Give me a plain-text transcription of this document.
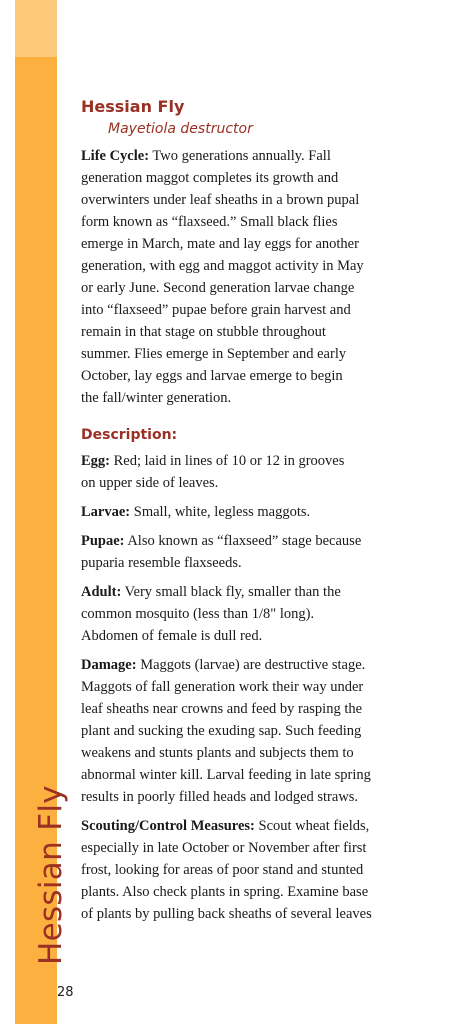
Hessian Fly
28
Hessian Fly
Mayetiola destructor

Life Cycle: Two generations annually. Fall
generation maggot completes its growth and
overwinters under leaf sheaths in a brown pupal
form known as “flaxseed.” Small black flies
emerge in March, mate and lay eggs for another
generation, with egg and maggot activity in May
or early June. Second generation larvae change
into “flaxseed” pupae before grain harvest and
remain in that stage on stubble throughout
summer. Flies emerge in September and early
October, lay eggs and larvae emerge to begin
the fall/winter generation.

Description:

Egg: Red; laid in lines of 10 or 12 in grooves
on upper side of leaves.

Larvae: Small, white, legless maggots.

Pupae: Also known as “flaxseed” stage because
puparia resemble flaxseeds.

Adult: Very small black fly, smaller than the
common mosquito (less than 1/8" long).
Abdomen of female is dull red.

Damage: Maggots (larvae) are destructive stage.
Maggots of fall generation work their way under
leaf sheaths near crowns and feed by rasping the
plant and sucking the exuding sap. Such feeding
weakens and stunts plants and subjects them to
abnormal winter kill. Larval feeding in late spring
results in poorly filled heads and lodged straws.

Scouting/Control Measures: Scout wheat fields,
especially in late October or November after first
frost, looking for areas of poor stand and stunted
plants. Also check plants in spring. Examine base
of plants by pulling back sheaths of several leaves
